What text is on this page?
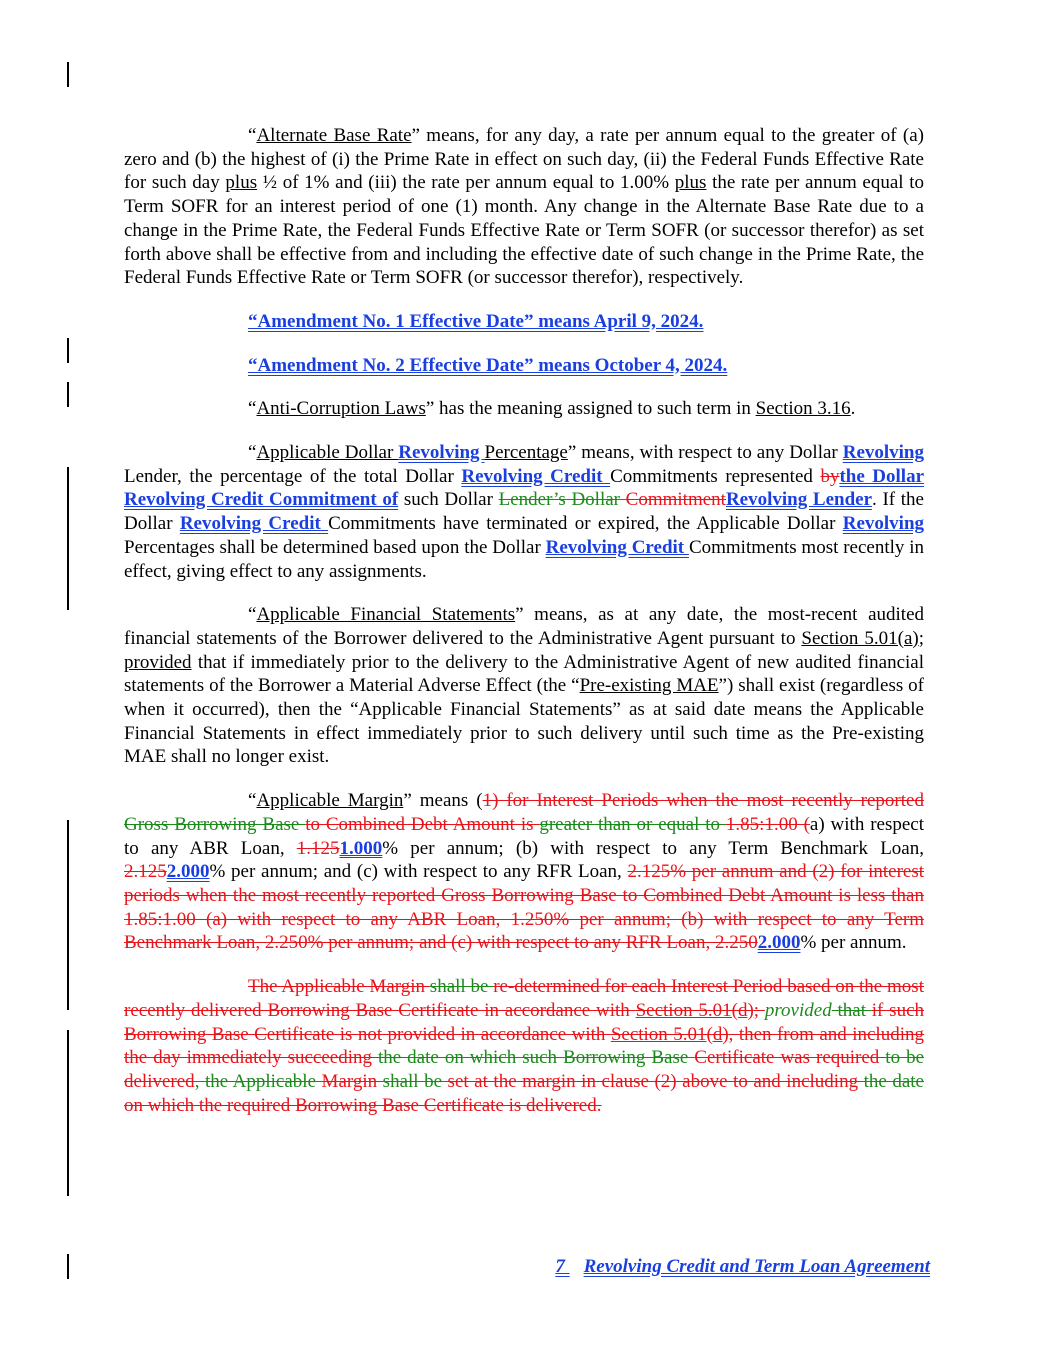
“Alternate Base Rate” means, for any day, a rate per annum equal to the greater of (a) zero and (b) the highest of (i) the Prime Rate in effect on such day, (ii) the Federal Funds Effective Rate for such day plus ½ of 1% and (iii) the rate per annum equal to 1.00% plus the rate per annum equal to Term SOFR for an interest period of one (1) month. Any change in the Alternate Base Rate due to a change in the Prime Rate, the Federal Funds Effective Rate or Term SOFR (or successor therefor) as set forth above shall be effective from and including the effective date of such change in the Prime Rate, the Federal Funds Effective Rate or Term SOFR (or successor therefor), respectively.

“Amendment No. 1 Effective Date” means April 9, 2024.

“Amendment No. 2 Effective Date” means October 4, 2024.

“Anti-Corruption Laws” has the meaning assigned to such term in Section 3.16.

“Applicable Dollar Revolving Percentage” means, with respect to any Dollar Revolving Lender, the percentage of the total Dollar Revolving Credit Commitments represented bythe Dollar Revolving Credit Commitment of such Dollar Lender’s Dollar CommitmentRevolving Lender. If the Dollar Revolving Credit Commitments have terminated or expired, the Applicable Dollar Revolving Percentages shall be determined based upon the Dollar Revolving Credit Commitments most recently in effect, giving effect to any assignments.

“Applicable Financial Statements” means, as at any date, the most-recent audited financial statements of the Borrower delivered to the Administrative Agent pursuant to Section 5.01(a); provided that if immediately prior to the delivery to the Administrative Agent of new audited financial statements of the Borrower a Material Adverse Effect (the “Pre-existing MAE”) shall exist (regardless of when it occurred), then the “Applicable Financial Statements” as at said date means the Applicable Financial Statements in effect immediately prior to such delivery until such time as the Pre-existing MAE shall no longer exist.

“Applicable Margin” means (1) for Interest Periods when the most recently reported Gross Borrowing Base to Combined Debt Amount is greater than or equal to 1.85:1.00 (a) with respect to any ABR Loan, 1.1251.000% per annum; (b) with respect to any Term Benchmark Loan, 2.1252.000% per annum; and (c) with respect to any RFR Loan, 2.125% per annum and (2) for interest periods when the most recently reported Gross Borrowing Base to Combined Debt Amount is less than 1.85:1.00 (a) with respect to any ABR Loan, 1.250% per annum; (b) with respect to any Term Benchmark Loan, 2.250% per annum; and (c) with respect to any RFR Loan, 2.2502.000% per annum.

The Applicable Margin shall be re-determined for each Interest Period based on the most recently delivered Borrowing Base Certificate in accordance with Section 5.01(d); provided that if such Borrowing Base Certificate is not provided in accordance with Section 5.01(d), then from and including the day immediately succeeding the date on which such Borrowing Base Certificate was required to be delivered, the Applicable Margin shall be set at the margin in clause (2) above to and including the date on which the required Borrowing Base Certificate is delivered.

7 Revolving Credit and Term Loan Agreement
